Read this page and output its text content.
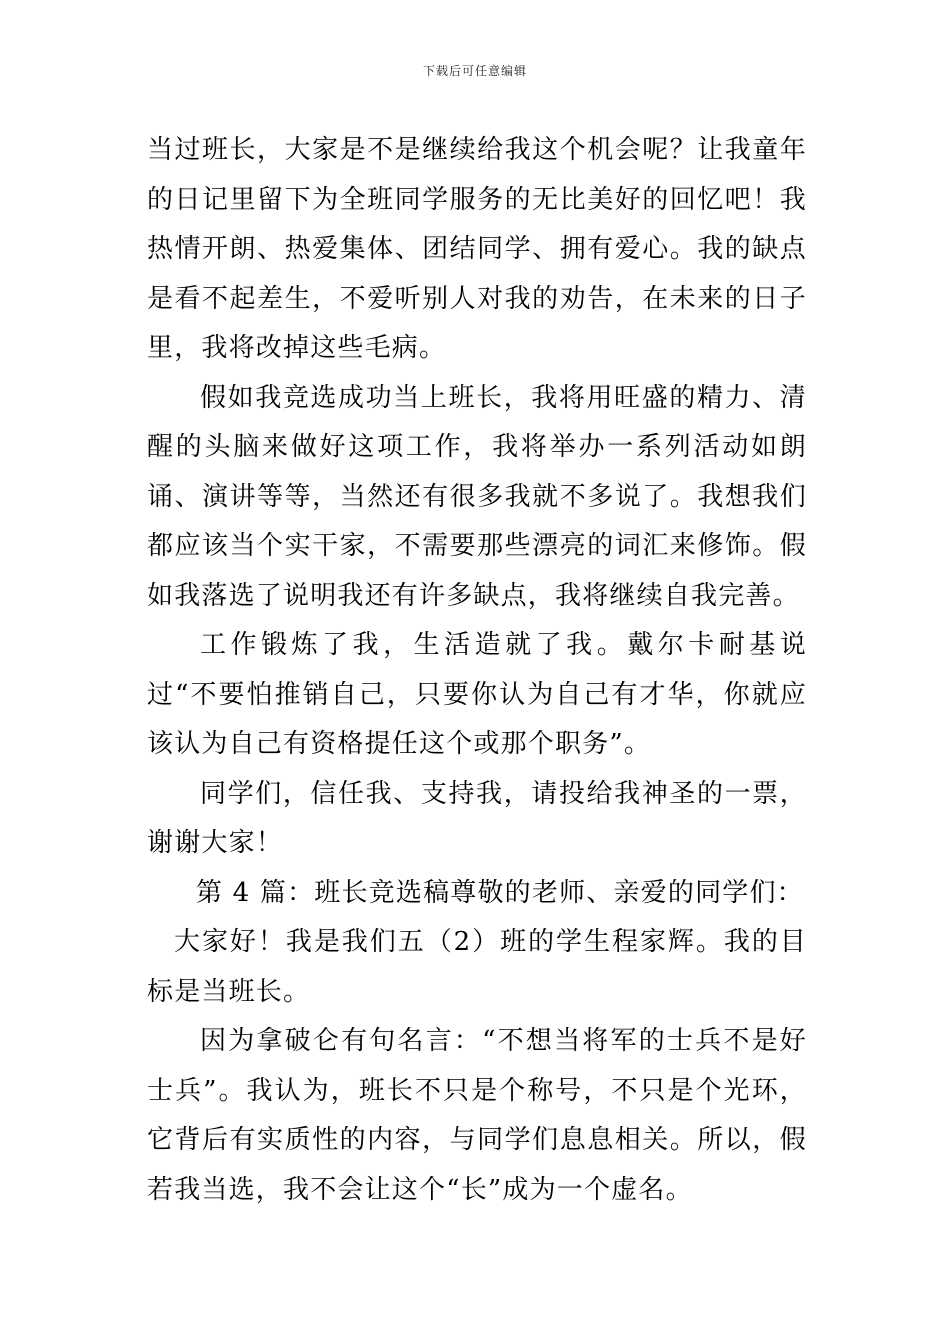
下载后可任意编辑

当过班长，大家是不是继续给我这个机会呢？让我童年的日记里留下为全班同学服务的无比美好的回忆吧！我热情开朗、热爱集体、团结同学、拥有爱心。我的缺点是看不起差生，不爱听别人对我的劝告，在未来的日子里，我将改掉这些毛病。

假如我竞选成功当上班长，我将用旺盛的精力、清醒的头脑来做好这项工作，我将举办一系列活动如朗诵、演讲等等，当然还有很多我就不多说了。我想我们都应该当个实干家，不需要那些漂亮的词汇来修饰。假如我落选了说明我还有许多缺点，我将继续自我完善。

工作锻炼了我，生活造就了我。戴尔卡耐基说过“不要怕推销自己，只要你认为自己有才华，你就应该认为自己有资格提任这个或那个职务”。

同学们，信任我、支持我，请投给我神圣的一票，谢谢大家！

第 4 篇：班长竞选稿尊敬的老师、亲爱的同学们：

大家好！我是我们五（2）班的学生程家辉。我的目标是当班长。

因为拿破仑有句名言：“不想当将军的士兵不是好士兵”。我认为，班长不只是个称号，不只是个光环，它背后有实质性的内容，与同学们息息相关。所以，假若我当选，我不会让这个“长”成为一个虚名。
